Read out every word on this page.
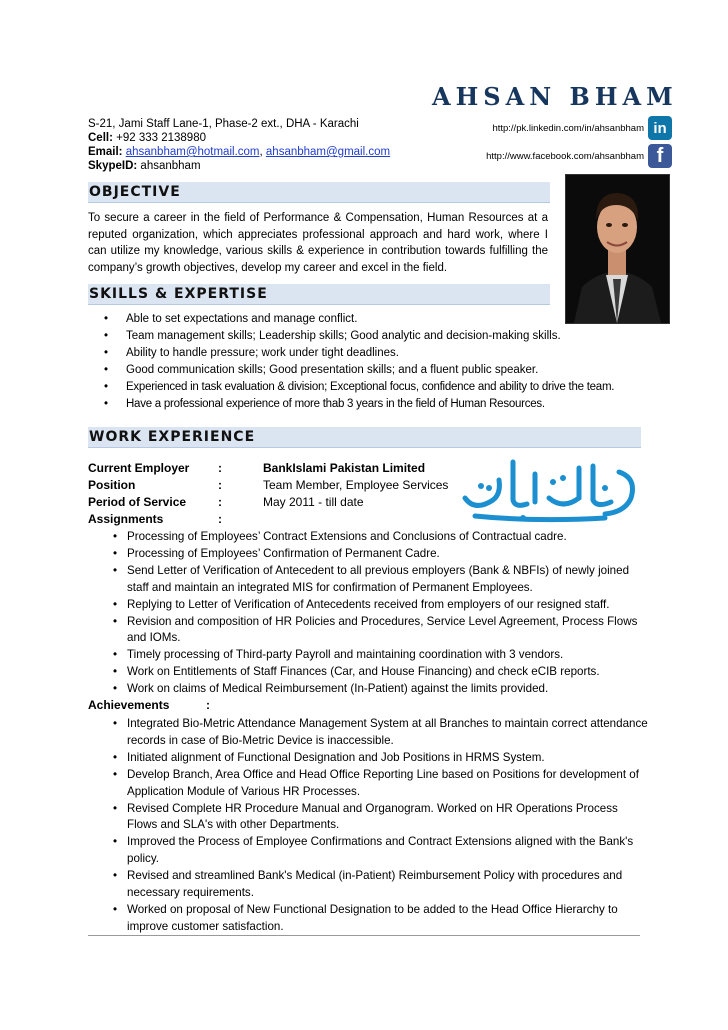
AHSAN BHAM
S-21, Jami Staff Lane-1, Phase-2 ext., DHA - Karachi
Cell: +92 333 2138980
Email: ahsanbham@hotmail.com, ahsanbham@gmail.com
SkypeID: ahsanbham
http://pk.linkedin.com/in/ahsanbham in
http://www.facebook.com/ahsanbham f
OBJECTIVE
To secure a career in the field of Performance & Compensation, Human Resources at a reputed organization, which appreciates professional approach and hard work, where I can utilize my knowledge, various skills & experience in contribution towards fulfilling the company’s growth objectives, develop my career and excel in the field.
SKILLS & EXPERTISE
• Able to set expectations and manage conflict.
• Team management skills; Leadership skills; Good analytic and decision-making skills.
• Ability to handle pressure; work under tight deadlines.
• Good communication skills; Good presentation skills; and a fluent public speaker.
• Experienced in task evaluation & division; Exceptional focus, confidence and ability to drive the team.
• Have a professional experience of more thab 3 years in the field of Human Resources.
WORK EXPERIENCE
Current Employer	:	BankIslami Pakistan Limited
Position	:	Team Member, Employee Services
Period of Service	:	May 2011 - till date
Assignments	:
• Processing of Employees’ Contract Extensions and Conclusions of Contractual cadre.
• Processing of Employees’ Confirmation of Permanent Cadre.
• Send Letter of Verification of Antecedent to all previous employers (Bank & NBFIs) of newly joined staff and maintain an integrated MIS for confirmation of Permanent Employees.
• Replying to Letter of Verification of Antecedents received from employers of our resigned staff.
• Revision and composition of HR Policies and Procedures, Service Level Agreement, Process Flows and IOMs.
• Timely processing of Third-party Payroll and maintaining coordination with 3 vendors.
• Work on Entitlements of Staff Finances (Car, and House Financing) and check eCIB reports.
• Work on claims of Medical Reimbursement (In-Patient) against the limits provided.
Achievements	:
• Integrated Bio-Metric Attendance Management System at all Branches to maintain correct attendance records in case of Bio-Metric Device is inaccessible.
• Initiated alignment of Functional Designation and Job Positions in HRMS System.
• Develop Branch, Area Office and Head Office Reporting Line based on Positions for development of Application Module of Various HR Processes.
• Revised Complete HR Procedure Manual and Organogram. Worked on HR Operations Process Flows and SLA's with other Departments.
• Improved the Process of Employee Confirmations and Contract Extensions aligned with the Bank's policy.
• Revised and streamlined Bank's Medical (in-Patient) Reimbursement Policy with procedures and necessary requirements.
• Worked on proposal of New Functional Designation to be added to the Head Office Hierarchy to improve customer satisfaction.
